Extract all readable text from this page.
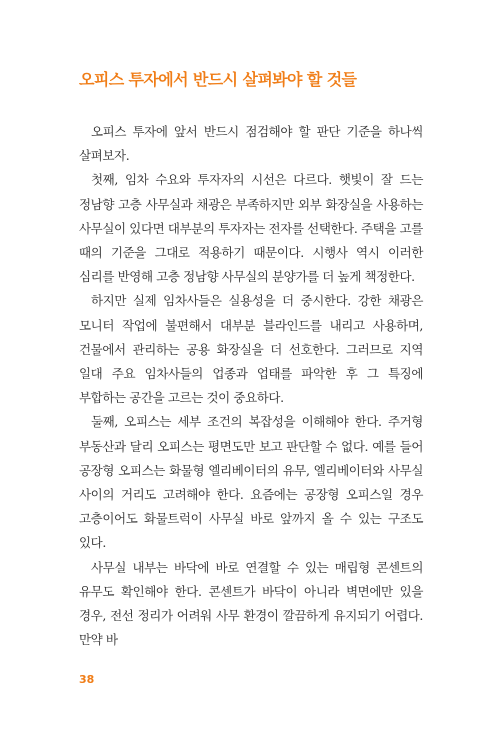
오피스 투자에서 반드시 살펴봐야 할 것들

오피스 투자에 앞서 반드시 점검해야 할 판단 기준을 하나씩 살펴보자.

첫째, 임차 수요와 투자자의 시선은 다르다. 햇빛이 잘 드는 정남향 고층 사무실과 채광은 부족하지만 외부 화장실을 사용하는 사무실이 있다면 대부분의 투자자는 전자를 선택한다. 주택을 고를 때의 기준을 그대로 적용하기 때문이다. 시행사 역시 이러한 심리를 반영해 고층 정남향 사무실의 분양가를 더 높게 책정한다.

하지만 실제 임차사들은 실용성을 더 중시한다. 강한 채광은 모니터 작업에 불편해서 대부분 블라인드를 내리고 사용하며, 건물에서 관리하는 공용 화장실을 더 선호한다. 그러므로 지역 일대 주요 임차사들의 업종과 업태를 파악한 후 그 특징에 부합하는 공간을 고르는 것이 중요하다.

둘째, 오피스는 세부 조건의 복잡성을 이해해야 한다. 주거형 부동산과 달리 오피스는 평면도만 보고 판단할 수 없다. 예를 들어 공장형 오피스는 화물형 엘리베이터의 유무, 엘리베이터와 사무실 사이의 거리도 고려해야 한다. 요즘에는 공장형 오피스일 경우 고층이어도 화물트럭이 사무실 바로 앞까지 올 수 있는 구조도 있다.

사무실 내부는 바닥에 바로 연결할 수 있는 매립형 콘센트의 유무도 확인해야 한다. 콘센트가 바닥이 아니라 벽면에만 있을 경우, 전선 정리가 어려워 사무 환경이 깔끔하게 유지되기 어렵다. 만약 바

38
